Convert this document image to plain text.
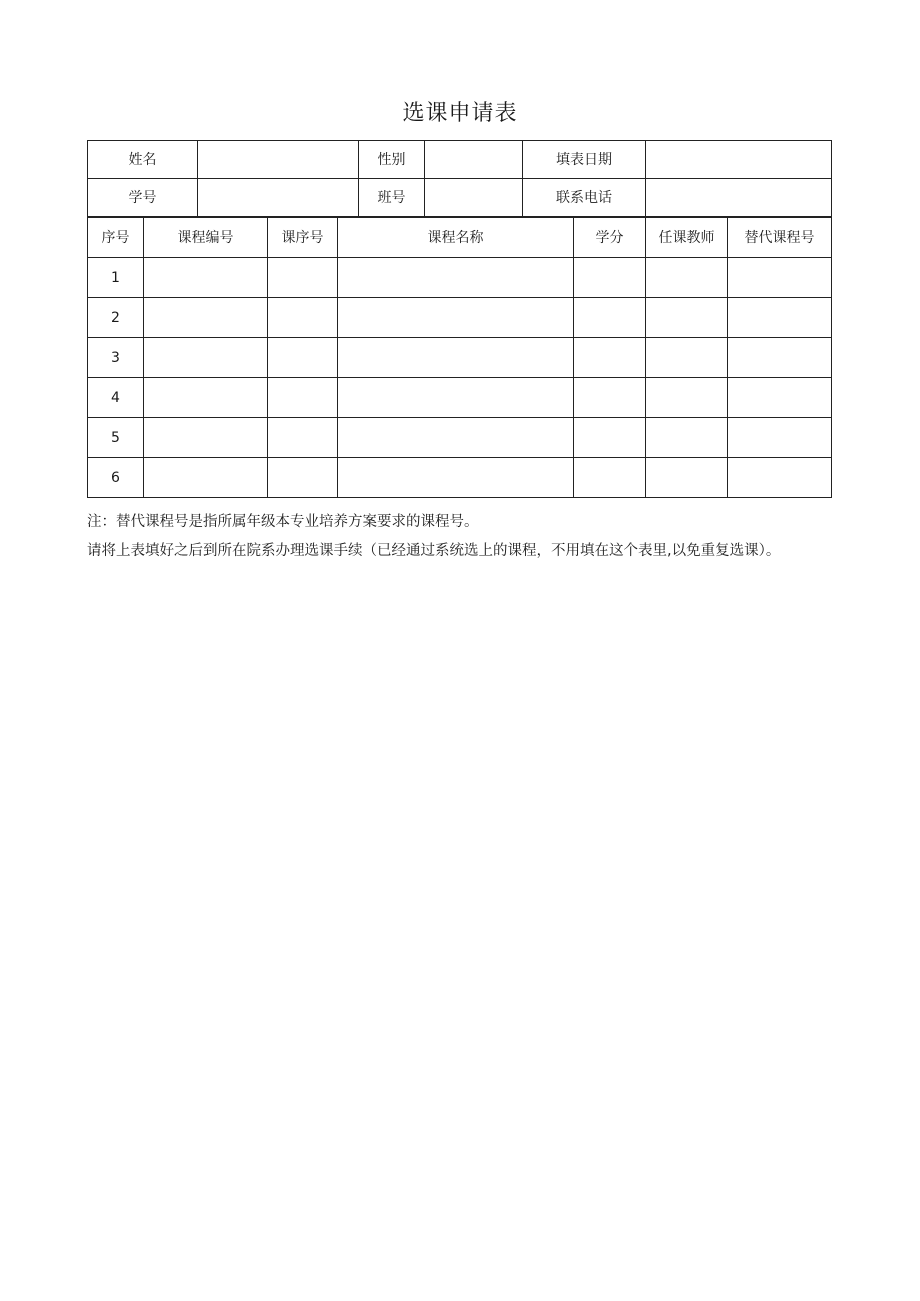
选课申请表
姓名		性别		填表日期	
学号		班号		联系电话	
序号	课程编号	课序号	课程名称	学分	任课教师	替代课程号
1						
2						
3						
4						
5						
6						

注：替代课程号是指所属年级本专业培养方案要求的课程号。

请将上表填好之后到所在院系办理选课手续（已经通过系统选上的课程，不用填在这个表里,以免重复选课）。
